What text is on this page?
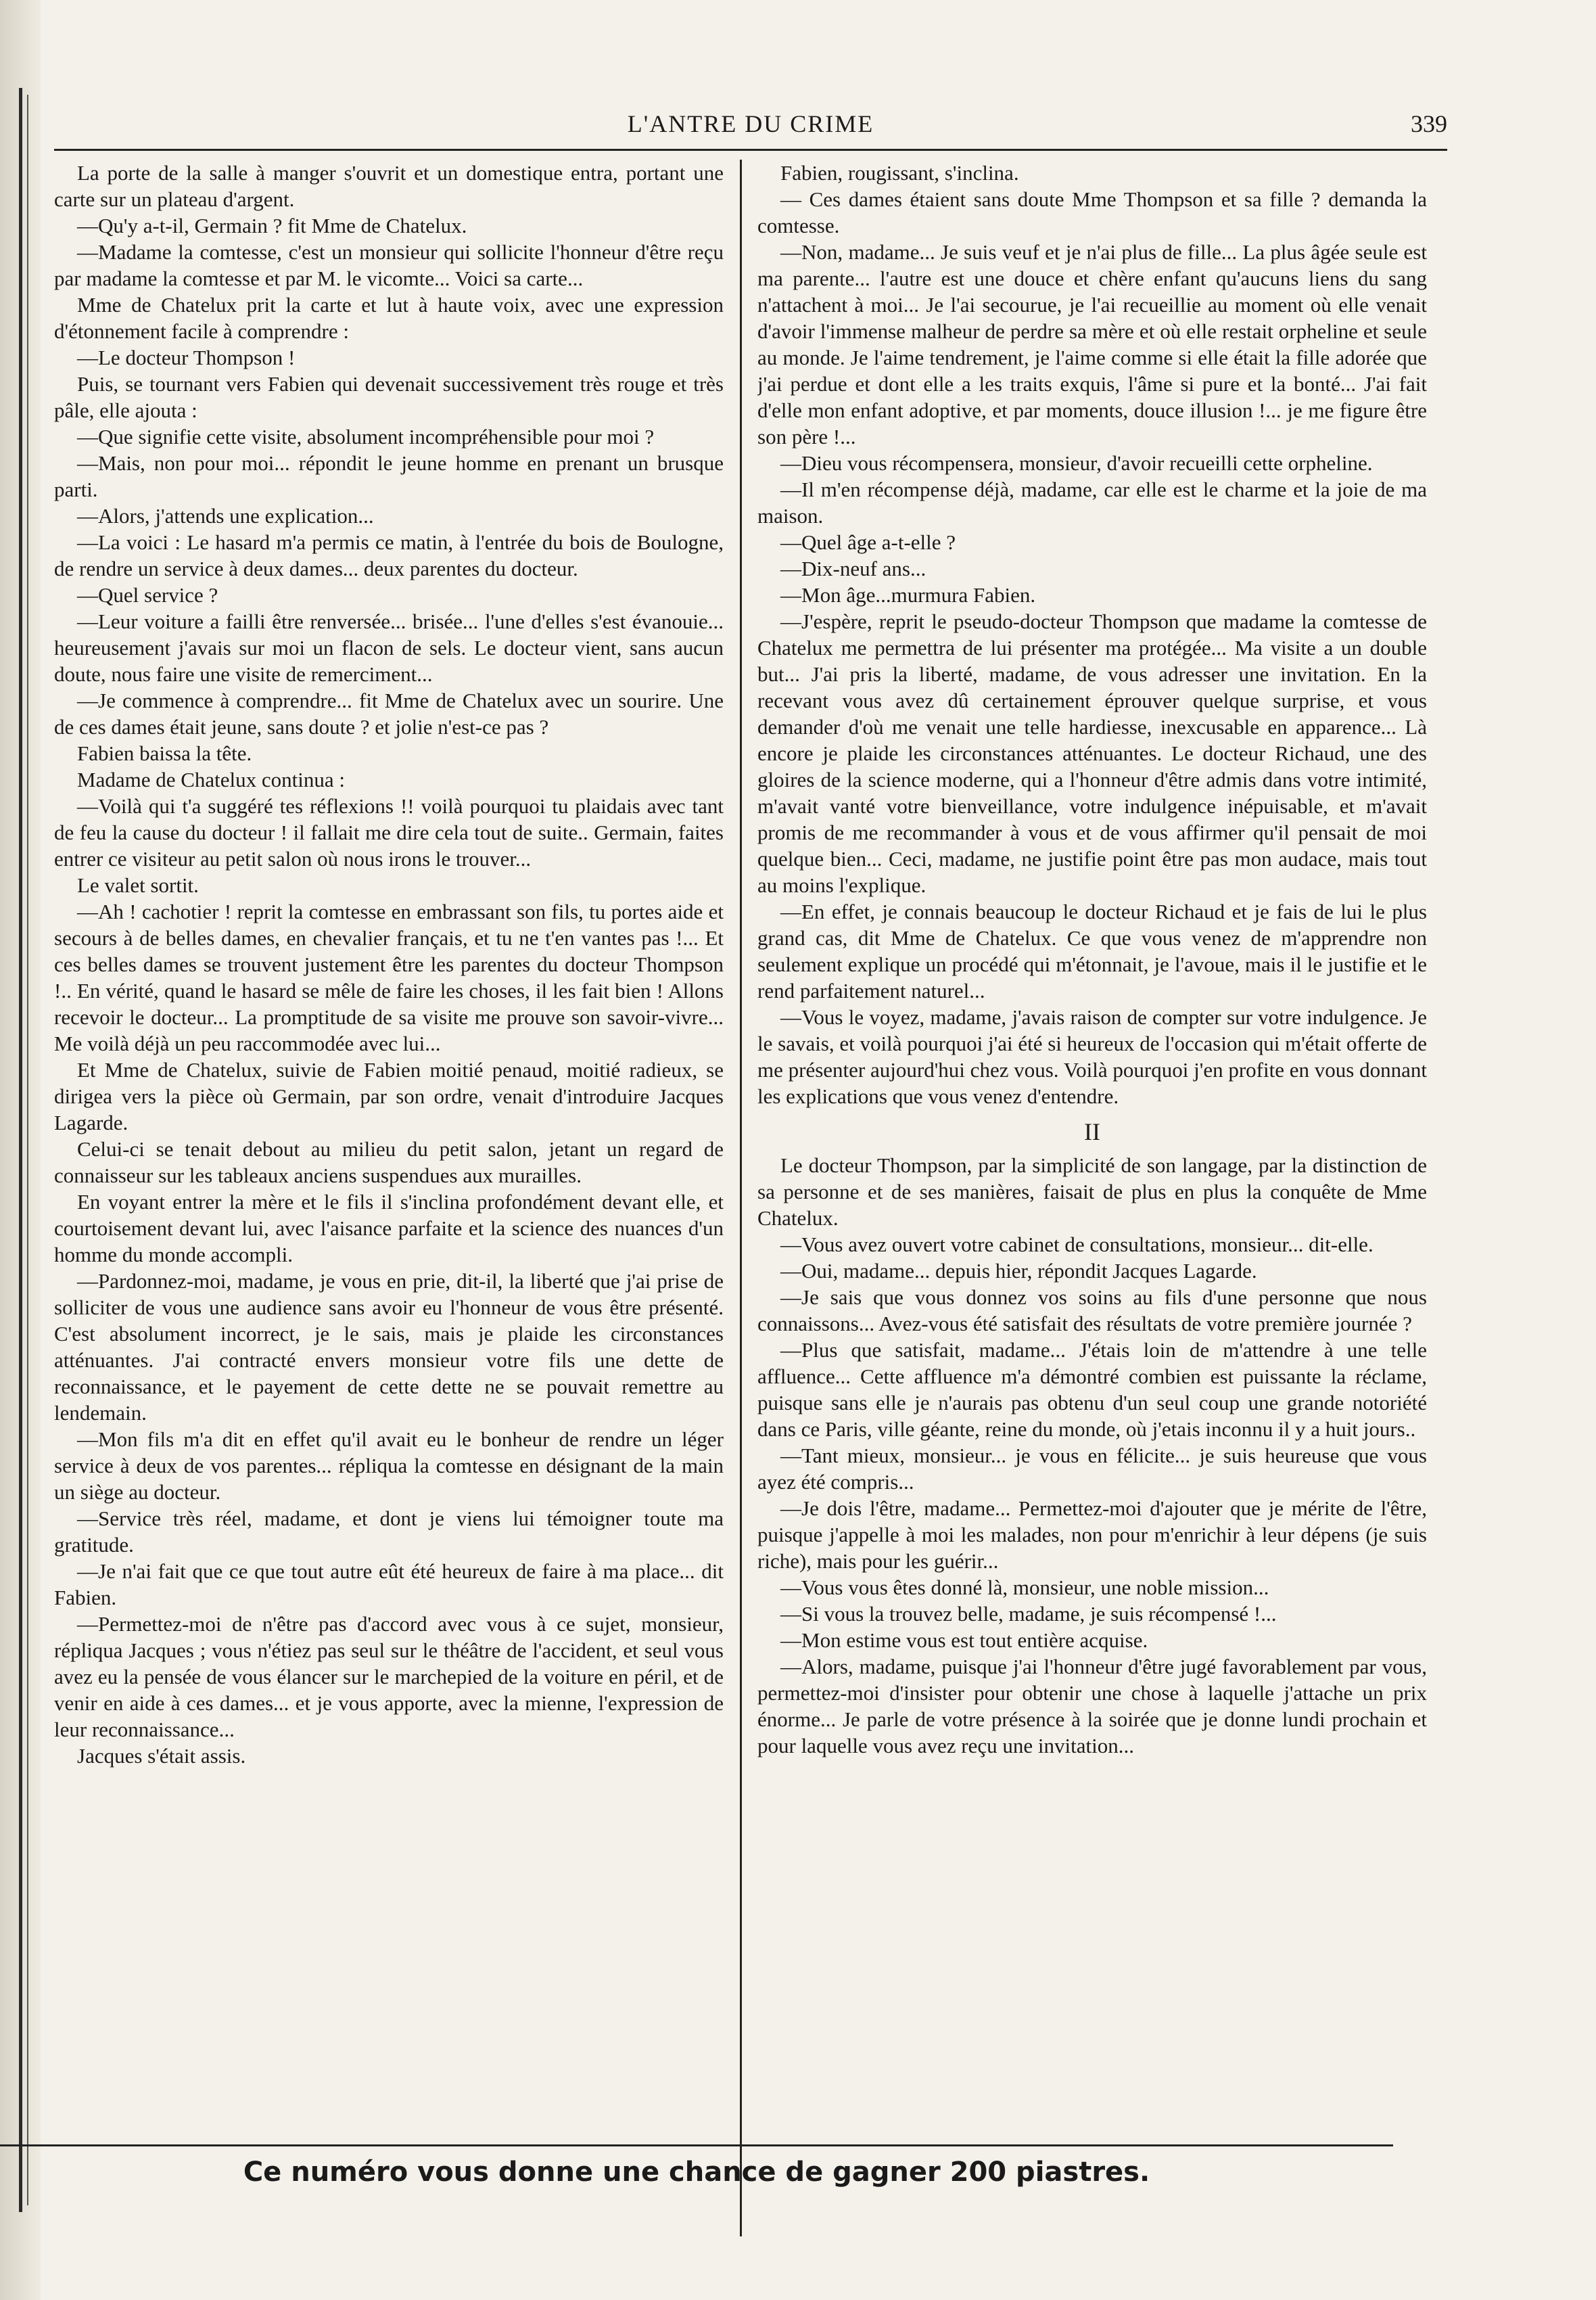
L'ANTRE DU CRIME	339

La porte de la salle à manger s'ouvrit et un domestique entra, portant une carte sur un plateau d'argent.

—Qu'y a-t-il, Germain ? fit Mme de Chatelux.

—Madame la comtesse, c'est un monsieur qui sollicite l'honneur d'être reçu par madame la comtesse et par M. le vicomte... Voici sa carte...

Mme de Chatelux prit la carte et lut à haute voix, avec une expression d'étonnement facile à comprendre :

—Le docteur Thompson !

Puis, se tournant vers Fabien qui devenait successivement très rouge et très pâle, elle ajouta :

—Que signifie cette visite, absolument incompréhensible pour moi ?

—Mais, non pour moi... répondit le jeune homme en prenant un brusque parti.

—Alors, j'attends une explication...

—La voici : Le hasard m'a permis ce matin, à l'entrée du bois de Boulogne, de rendre un service à deux dames... deux parentes du docteur.

—Quel service ?

—Leur voiture a failli être renversée... brisée... l'une d'elles s'est évanouie... heureusement j'avais sur moi un flacon de sels. Le docteur vient, sans aucun doute, nous faire une visite de remerciment...

—Je commence à comprendre... fit Mme de Chatelux avec un sourire. Une de ces dames était jeune, sans doute ? et jolie n'est-ce pas ?

Fabien baissa la tête.

Madame de Chatelux continua :

—Voilà qui t'a suggéré tes réflexions !! voilà pourquoi tu plaidais avec tant de feu la cause du docteur ! il fallait me dire cela tout de suite.. Germain, faites entrer ce visiteur au petit salon où nous irons le trouver...

Le valet sortit.

—Ah ! cachotier ! reprit la comtesse en embrassant son fils, tu portes aide et secours à de belles dames, en chevalier français, et tu ne t'en vantes pas !... Et ces belles dames se trouvent justement être les parentes du docteur Thompson !.. En vérité, quand le hasard se mêle de faire les choses, il les fait bien ! Allons recevoir le docteur... La promptitude de sa visite me prouve son savoir-vivre... Me voilà déjà un peu raccommodée avec lui...

Et Mme de Chatelux, suivie de Fabien moitié penaud, moitié radieux, se dirigea vers la pièce où Germain, par son ordre, venait d'introduire Jacques Lagarde.

Celui-ci se tenait debout au milieu du petit salon, jetant un regard de connaisseur sur les tableaux anciens suspendues aux murailles.

En voyant entrer la mère et le fils il s'inclina profondément devant elle, et courtoisement devant lui, avec l'aisance parfaite et la science des nuances d'un homme du monde accompli.

—Pardonnez-moi, madame, je vous en prie, dit-il, la liberté que j'ai prise de solliciter de vous une audience sans avoir eu l'honneur de vous être présenté. C'est absolument incorrect, je le sais, mais je plaide les circonstances atténuantes. J'ai contracté envers monsieur votre fils une dette de reconnaissance, et le payement de cette dette ne se pouvait remettre au lendemain.

—Mon fils m'a dit en effet qu'il avait eu le bonheur de rendre un léger service à deux de vos parentes... répliqua la comtesse en désignant de la main un siège au docteur.

—Service très réel, madame, et dont je viens lui témoigner toute ma gratitude.

—Je n'ai fait que ce que tout autre eût été heureux de faire à ma place... dit Fabien.

—Permettez-moi de n'être pas d'accord avec vous à ce sujet, monsieur, répliqua Jacques ; vous n'étiez pas seul sur le théâtre de l'accident, et seul vous avez eu la pensée de vous élancer sur le marchepied de la voiture en péril, et de venir en aide à ces dames... et je vous apporte, avec la mienne, l'expression de leur reconnaissance...

Jacques s'était assis.

Fabien, rougissant, s'inclina.

— Ces dames étaient sans doute Mme Thompson et sa fille ? demanda la comtesse.

—Non, madame... Je suis veuf et je n'ai plus de fille... La plus âgée seule est ma parente... l'autre est une douce et chère enfant qu'aucuns liens du sang n'attachent à moi... Je l'ai secourue, je l'ai recueillie au moment où elle venait d'avoir l'immense malheur de perdre sa mère et où elle restait orpheline et seule au monde. Je l'aime tendrement, je l'aime comme si elle était la fille adorée que j'ai perdue et dont elle a les traits exquis, l'âme si pure et la bonté... J'ai fait d'elle mon enfant adoptive, et par moments, douce illusion !... je me figure être son père !...

—Dieu vous récompensera, monsieur, d'avoir recueilli cette orpheline.

—Il m'en récompense déjà, madame, car elle est le charme et la joie de ma maison.

—Quel âge a-t-elle ?

—Dix-neuf ans...

—Mon âge...murmura Fabien.

—J'espère, reprit le pseudo-docteur Thompson que madame la comtesse de Chatelux me permettra de lui présenter ma protégée... Ma visite a un double but... J'ai pris la liberté, madame, de vous adresser une invitation. En la recevant vous avez dû certainement éprouver quelque surprise, et vous demander d'où me venait une telle hardiesse, inexcusable en apparence... Là encore je plaide les circonstances atténuantes. Le docteur Richaud, une des gloires de la science moderne, qui a l'honneur d'être admis dans votre intimité, m'avait vanté votre bienveillance, votre indulgence inépuisable, et m'avait promis de me recommander à vous et de vous affirmer qu'il pensait de moi quelque bien... Ceci, madame, ne justifie point être pas mon audace, mais tout au moins l'explique.

—En effet, je connais beaucoup le docteur Richaud et je fais de lui le plus grand cas, dit Mme de Chatelux. Ce que vous venez de m'apprendre non seulement explique un procédé qui m'étonnait, je l'avoue, mais il le justifie et le rend parfaitement naturel...

—Vous le voyez, madame, j'avais raison de compter sur votre indulgence. Je le savais, et voilà pourquoi j'ai été si heureux de l'occasion qui m'était offerte de me présenter aujourd'hui chez vous. Voilà pourquoi j'en profite en vous donnant les explications que vous venez d'entendre.

II

Le docteur Thompson, par la simplicité de son langage, par la distinction de sa personne et de ses manières, faisait de plus en plus la conquête de Mme Chatelux.

—Vous avez ouvert votre cabinet de consultations, monsieur... dit-elle.

—Oui, madame... depuis hier, répondit Jacques Lagarde.

—Je sais que vous donnez vos soins au fils d'une personne que nous connaissons... Avez-vous été satisfait des résultats de votre première journée ?

—Plus que satisfait, madame... J'étais loin de m'attendre à une telle affluence... Cette affluence m'a démontré combien est puissante la réclame, puisque sans elle je n'aurais pas obtenu d'un seul coup une grande notoriété dans ce Paris, ville géante, reine du monde, où j'etais inconnu il y a huit jours..

—Tant mieux, monsieur... je vous en félicite... je suis heureuse que vous ayez été compris...

—Je dois l'être, madame... Permettez-moi d'ajouter que je mérite de l'être, puisque j'appelle à moi les malades, non pour m'enrichir à leur dépens (je suis riche), mais pour les guérir...

—Vous vous êtes donné là, monsieur, une noble mission...

—Si vous la trouvez belle, madame, je suis récompensé !...

—Mon estime vous est tout entière acquise.

—Alors, madame, puisque j'ai l'honneur d'être jugé favorablement par vous, permettez-moi d'insister pour obtenir une chose à laquelle j'attache un prix énorme... Je parle de votre présence à la soirée que je donne lundi prochain et pour laquelle vous avez reçu une invitation...

Ce numéro vous donne une chance de gagner 200 piastres.
